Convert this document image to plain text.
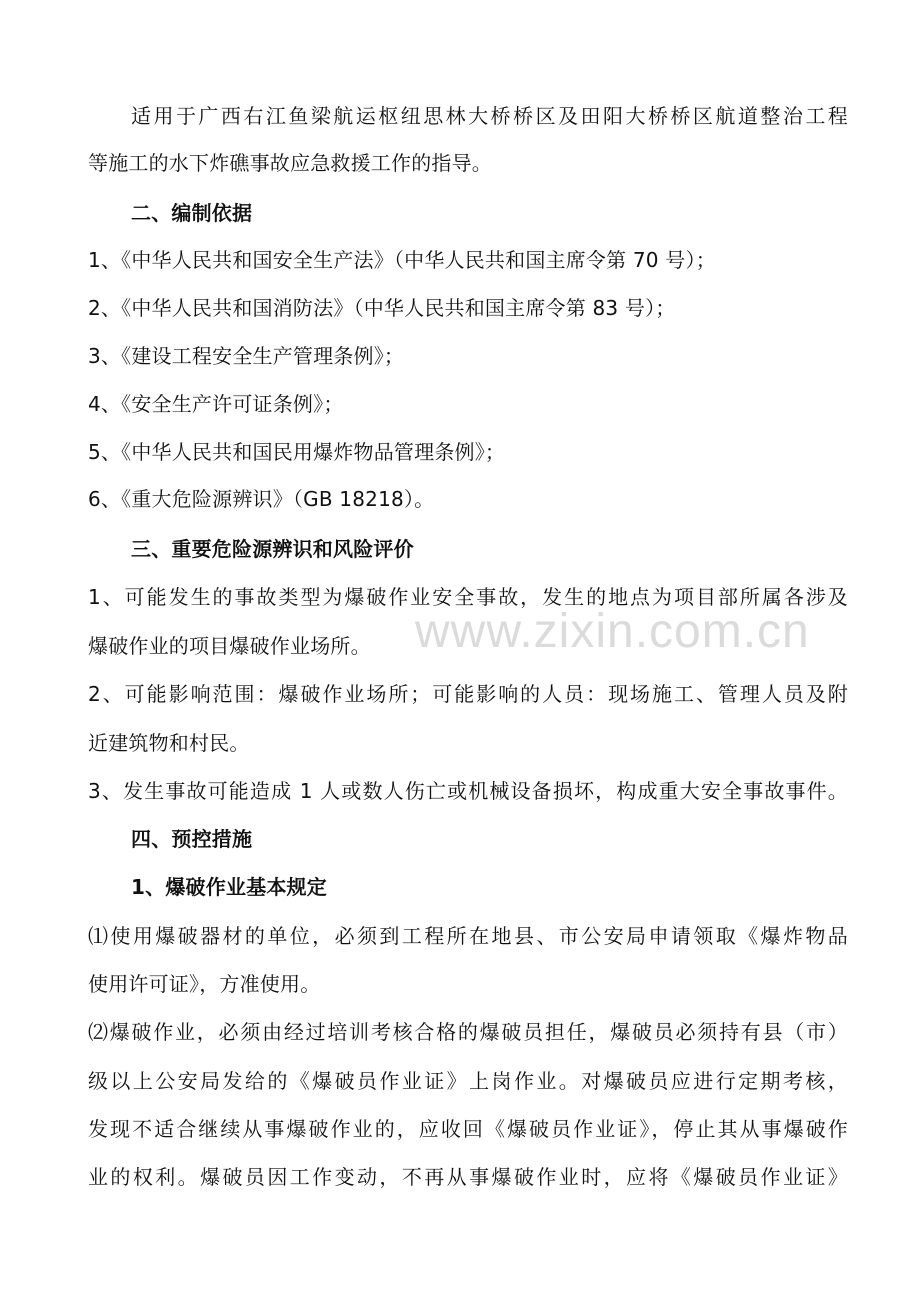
适用于广西右江鱼梁航运枢纽思林大桥桥区及田阳大桥桥区航道整治工程
等施工的水下炸礁事故应急救援工作的指导。
二、编制依据
1、《中华人民共和国安全生产法》（中华人民共和国主席令第 70 号）；
2、《中华人民共和国消防法》（中华人民共和国主席令第 83 号）；
3、《建设工程安全生产管理条例》；
4、《安全生产许可证条例》；
5、《中华人民共和国民用爆炸物品管理条例》；
6、《重大危险源辨识》（GB 18218）。
三、重要危险源辨识和风险评价
1、可能发生的事故类型为爆破作业安全事故，发生的地点为项目部所属各涉及
爆破作业的项目爆破作业场所。
2、可能影响范围：爆破作业场所；可能影响的人员：现场施工、管理人员及附
近建筑物和村民。
3、发生事故可能造成 1 人或数人伤亡或机械设备损坏，构成重大安全事故事件。
四、预控措施
1、爆破作业基本规定
⑴使用爆破器材的单位，必须到工程所在地县、市公安局申请领取《爆炸物品
使用许可证》，方准使用。
⑵爆破作业，必须由经过培训考核合格的爆破员担任，爆破员必须持有县（市）
级以上公安局发给的《爆破员作业证》上岗作业。对爆破员应进行定期考核，
发现不适合继续从事爆破作业的，应收回《爆破员作业证》，停止其从事爆破作
业的权利。爆破员因工作变动，不再从事爆破作业时，应将《爆破员作业证》
www.zixin.com.cn
